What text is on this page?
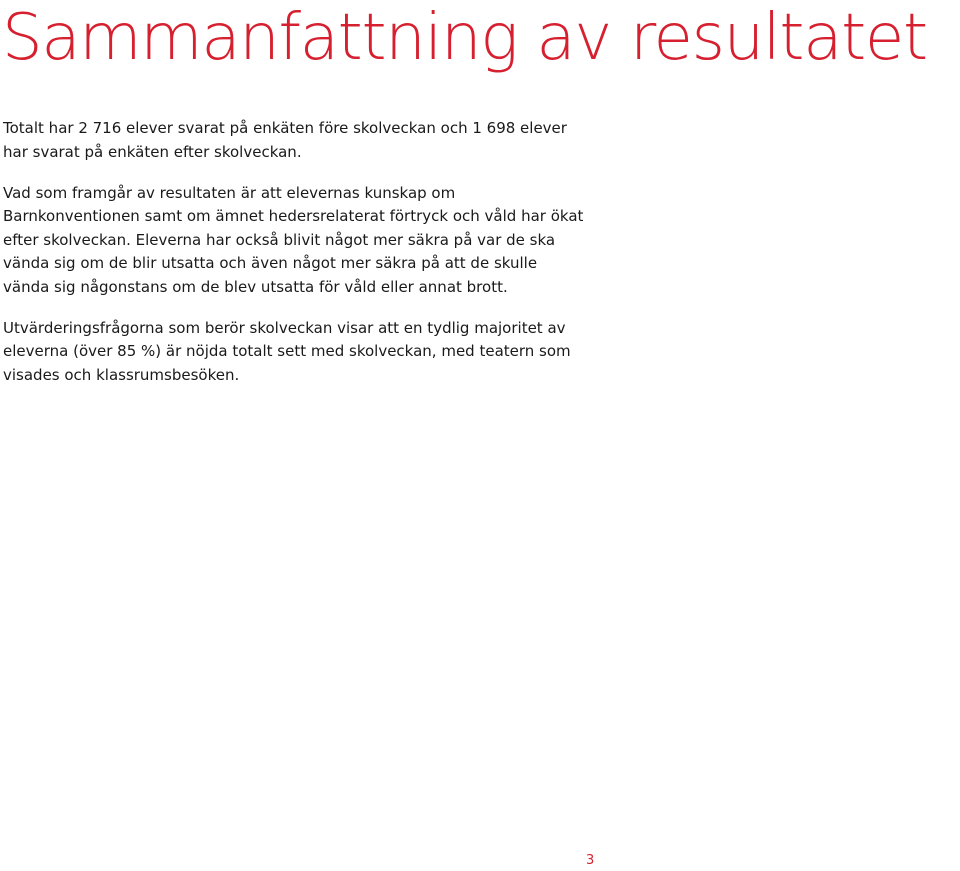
Sammanfattning av resultatet

Totalt har 2 716 elever svarat på enkäten före skolveckan och 1 698 elever har svarat på enkäten efter skolveckan.

Vad som framgår av resultaten är att elevernas kunskap om Barnkonventionen samt om ämnet hedersrelaterat förtryck och våld har ökat efter skolveckan. Eleverna har också blivit något mer säkra på var de ska vända sig om de blir utsatta och även något mer säkra på att de skulle vända sig någonstans om de blev utsatta för våld eller annat brott.

Utvärderingsfrågorna som berör skolveckan visar att en tydlig majoritet av eleverna (över 85 %) är nöjda totalt sett med skolveckan, med teatern som visades och klassrumsbesöken.

3
